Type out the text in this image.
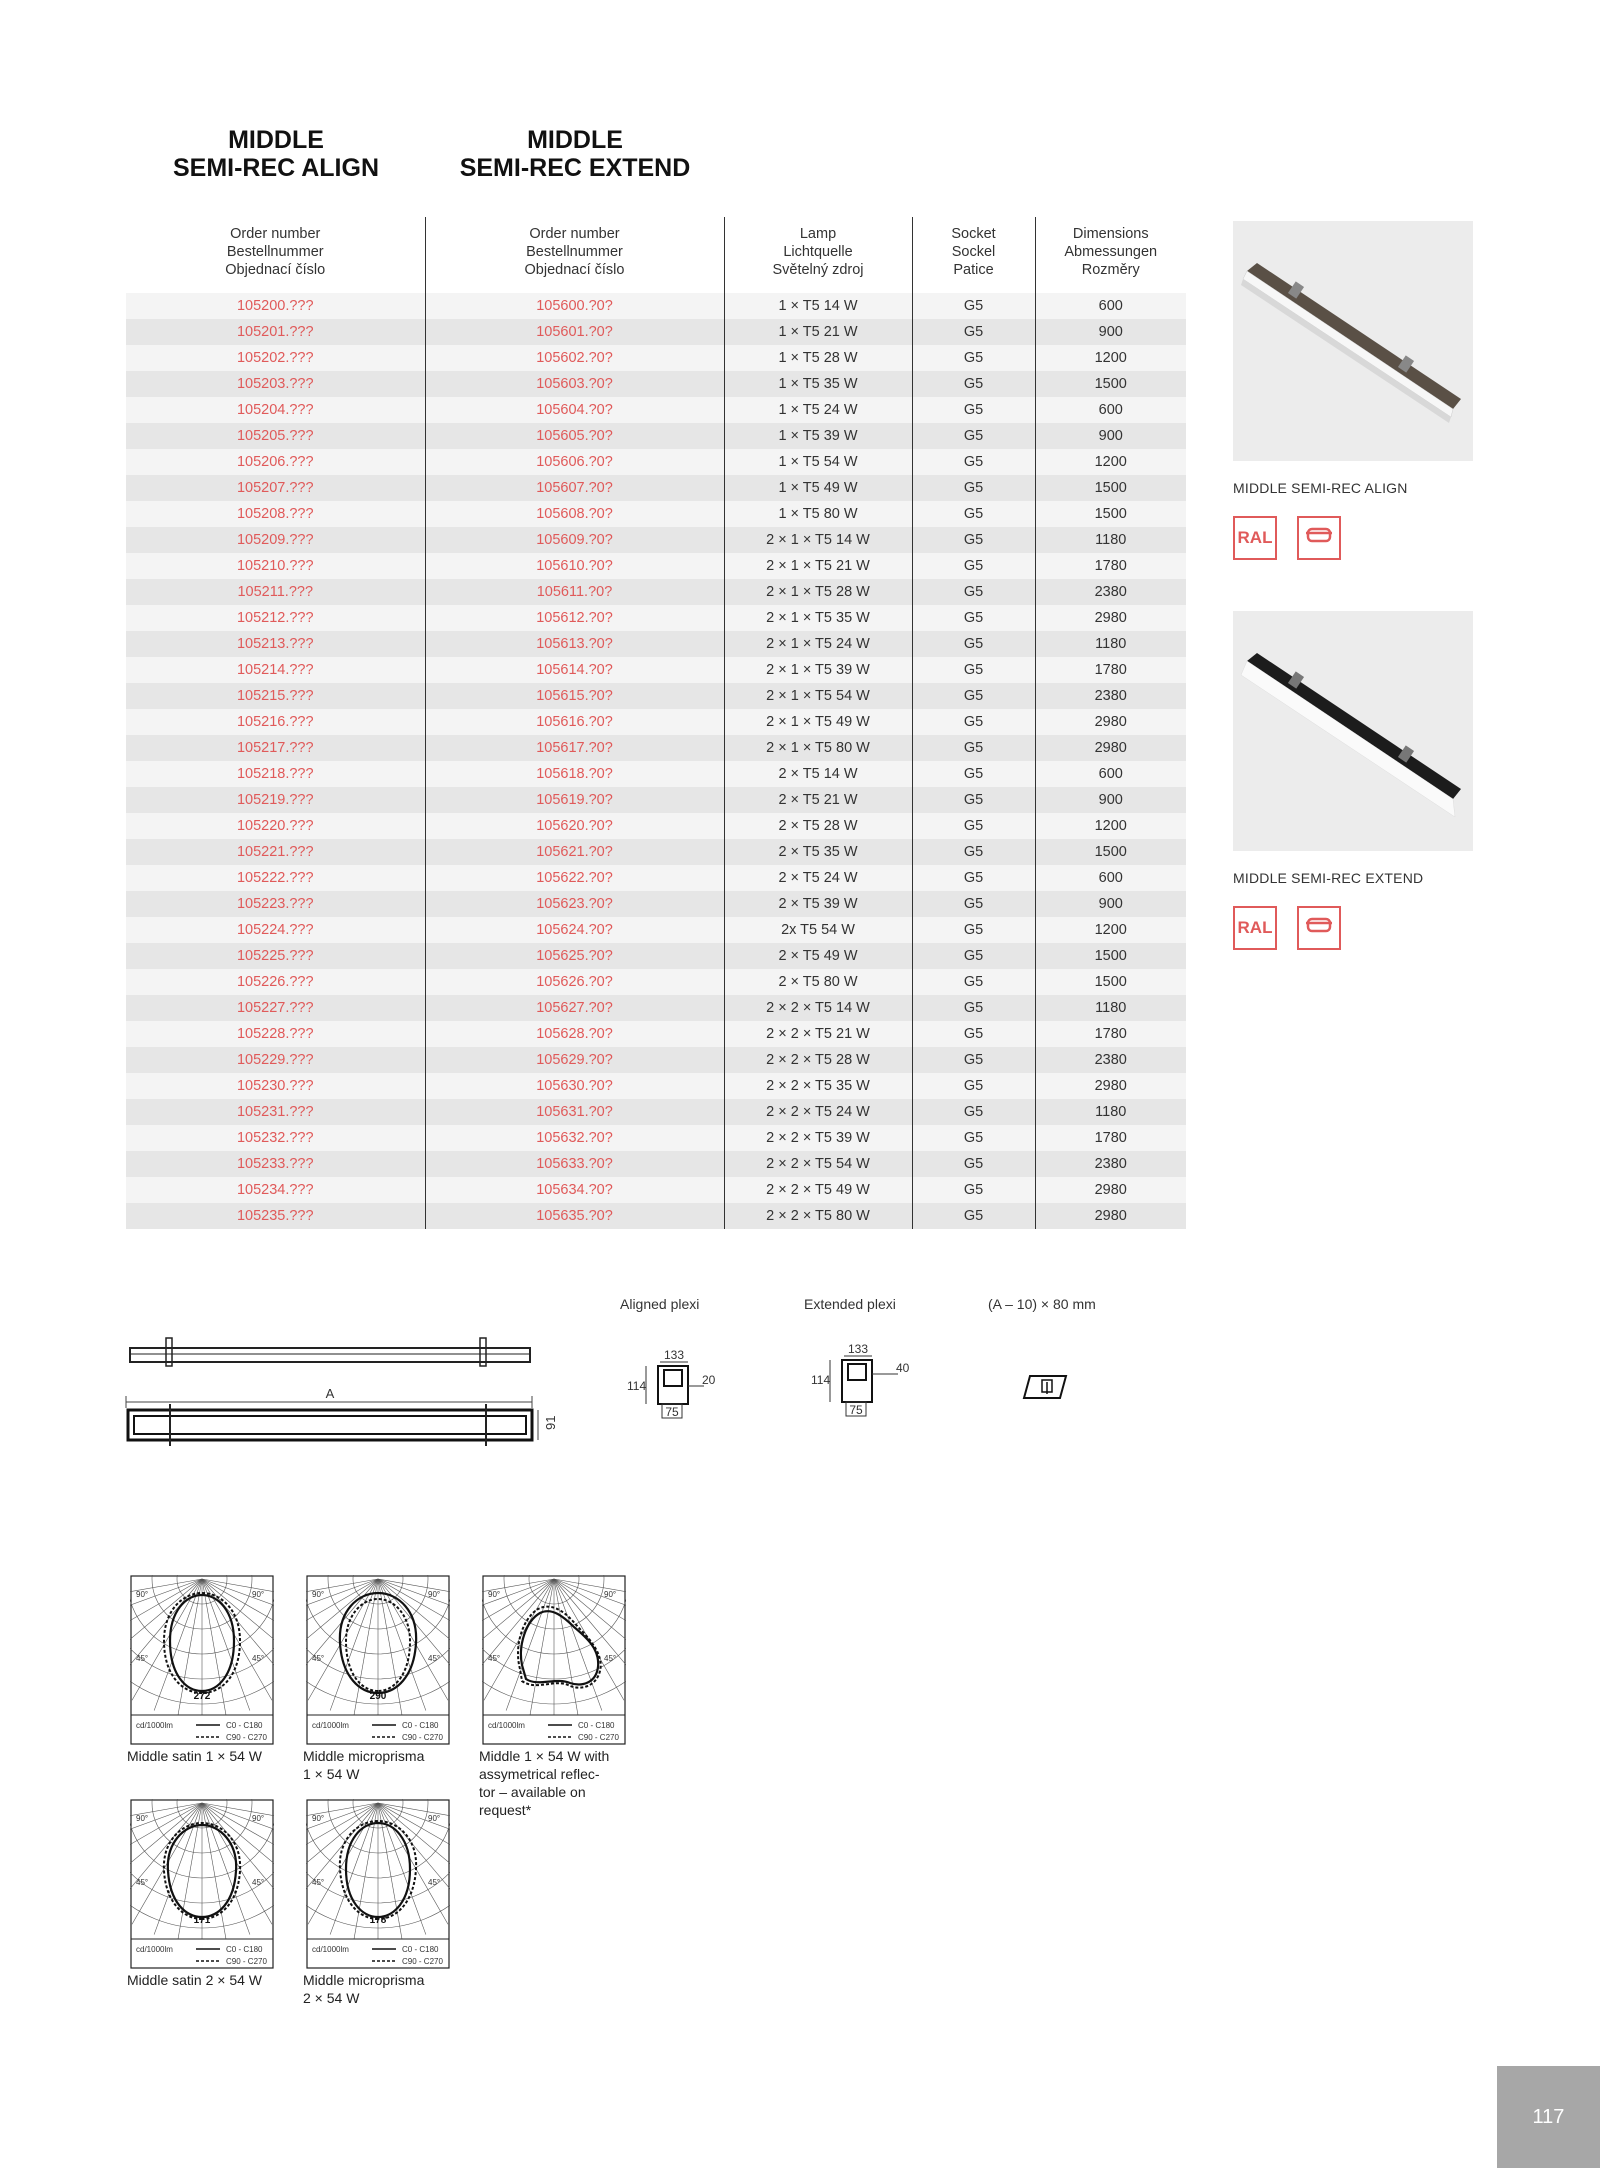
MIDDLE
SEMI-REC ALIGN
MIDDLE
SEMI-REC EXTEND
Order number
Bestellnummer
Objednací číslo	Order number
Bestellnummer
Objednací číslo	Lamp
Lichtquelle
Světelný zdroj	Socket
Sockel
Patice	Dimensions
Abmessungen
Rozměry

105200.???	105600.?0?	1 × T5 14 W	G5	600
105201.???	105601.?0?	1 × T5 21 W	G5	900
105202.???	105602.?0?	1 × T5 28 W	G5	1200
105203.???	105603.?0?	1 × T5 35 W	G5	1500
105204.???	105604.?0?	1 × T5 24 W	G5	600
105205.???	105605.?0?	1 × T5 39 W	G5	900
105206.???	105606.?0?	1 × T5 54 W	G5	1200
105207.???	105607.?0?	1 × T5 49 W	G5	1500
105208.???	105608.?0?	1 × T5 80 W	G5	1500
105209.???	105609.?0?	2 × 1 × T5 14 W	G5	1180
105210.???	105610.?0?	2 × 1 × T5 21 W	G5	1780
105211.???	105611.?0?	2 × 1 × T5 28 W	G5	2380
105212.???	105612.?0?	2 × 1 × T5 35 W	G5	2980
105213.???	105613.?0?	2 × 1 × T5 24 W	G5	1180
105214.???	105614.?0?	2 × 1 × T5 39 W	G5	1780
105215.???	105615.?0?	2 × 1 × T5 54 W	G5	2380
105216.???	105616.?0?	2 × 1 × T5 49 W	G5	2980
105217.???	105617.?0?	2 × 1 × T5 80 W	G5	2980
105218.???	105618.?0?	2 × T5 14 W	G5	600
105219.???	105619.?0?	2 × T5 21 W	G5	900
105220.???	105620.?0?	2 × T5 28 W	G5	1200
105221.???	105621.?0?	2 × T5 35 W	G5	1500
105222.???	105622.?0?	2 × T5 24 W	G5	600
105223.???	105623.?0?	2 × T5 39 W	G5	900
105224.???	105624.?0?	2x T5 54 W	G5	1200
105225.???	105625.?0?	2 × T5 49 W	G5	1500
105226.???	105626.?0?	2 × T5 80 W	G5	1500
105227.???	105627.?0?	2 × 2 × T5 14 W	G5	1180
105228.???	105628.?0?	2 × 2 × T5 21 W	G5	1780
105229.???	105629.?0?	2 × 2 × T5 28 W	G5	2380
105230.???	105630.?0?	2 × 2 × T5 35 W	G5	2980
105231.???	105631.?0?	2 × 2 × T5 24 W	G5	1180
105232.???	105632.?0?	2 × 2 × T5 39 W	G5	1780
105233.???	105633.?0?	2 × 2 × T5 54 W	G5	2380
105234.???	105634.?0?	2 × 2 × T5 49 W	G5	2980
105235.???	105635.?0?	2 × 2 × T5 80 W	G5	2980
MIDDLE SEMI-REC ALIGN
RAL
MIDDLE SEMI-REC EXTEND
RAL
Aligned plexi	Extended plexi	(A – 10) × 80 mm
A
91
133
114	20
75
133
114
40
75
90°	90°
45°	45°
272
cd/1000lm	C0 - C180
C90 - C270
Middle satin 1 × 54 W
90°	90°
45°	45°
290
cd/1000lm	C0 - C180
C90 - C270
Middle microprisma
1 × 54 W
90°	90°
45°	45°
cd/1000lm	C0 - C180
C90 - C270
Middle 1 × 54 W with
assymetrical reflec-
tor – available on
request*
90°	90°
45°	45°
171
cd/1000lm	C0 - C180
C90 - C270
Middle satin 2 × 54 W
90°	90°
45°	45°
178
cd/1000lm	C0 - C180
C90 - C270
Middle microprisma
2 × 54 W
117
